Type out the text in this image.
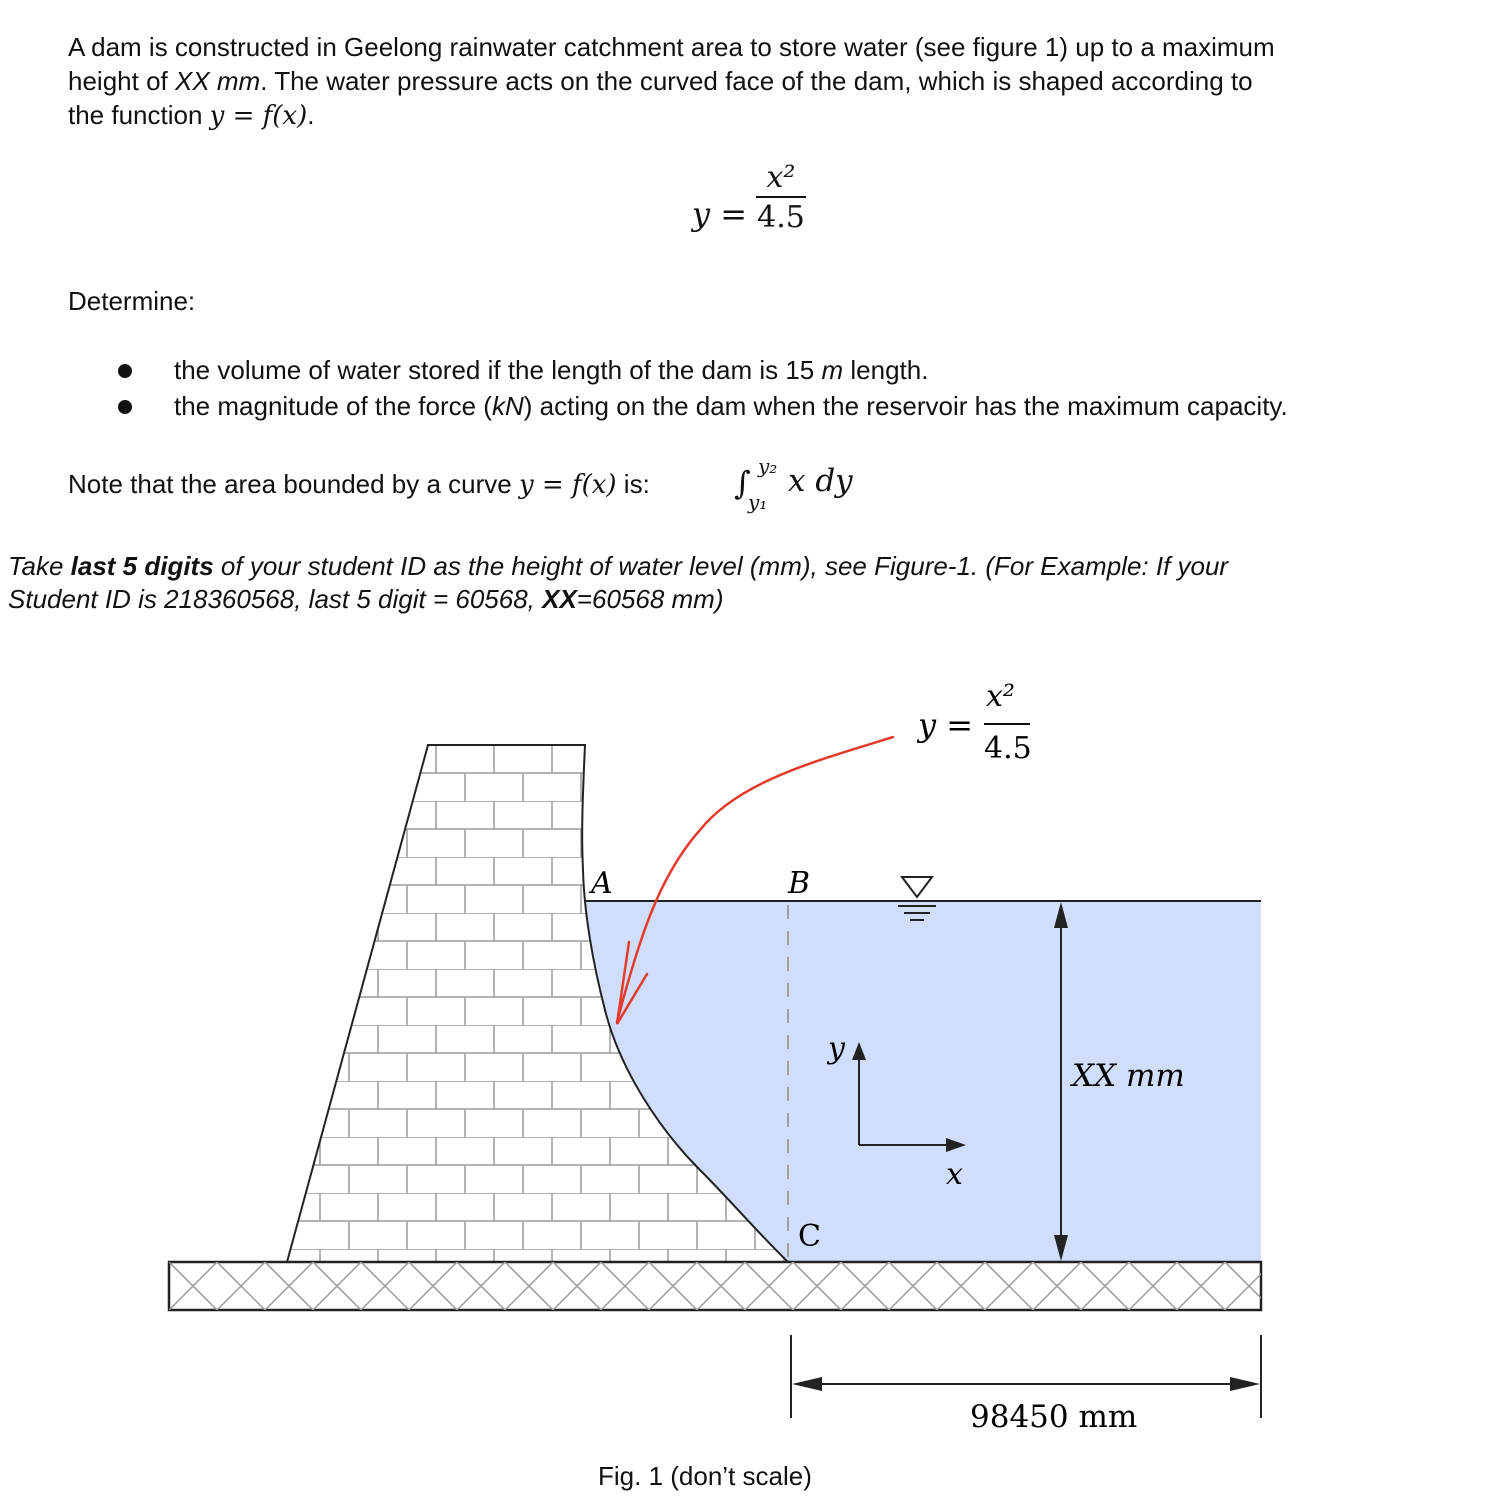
A dam is constructed in Geelong rainwater catchment area to store water (see figure 1) up to a maximum

height of XX mm. The water pressure acts on the curved face of the dam, which is shaped according to

the function y = f(x).

y =
x²
4.5

Determine:

the volume of water stored if the length of the dam is 15 m length.

the magnitude of the force (kN) acting on the dam when the reservoir has the maximum capacity.

Note that the area bounded by a curve y = f(x) is:	∫ y₂
y₁
x dy

Take last 5 digits of your student ID as the height of water level (mm), see Figure-1. (For Example: If your

Student ID is 218360568, last 5 digit = 60568, XX=60568 mm)

A	B
C
y
x
XX mm
98450 mm
y =
x²
4.5

Fig. 1 (don’t scale)
